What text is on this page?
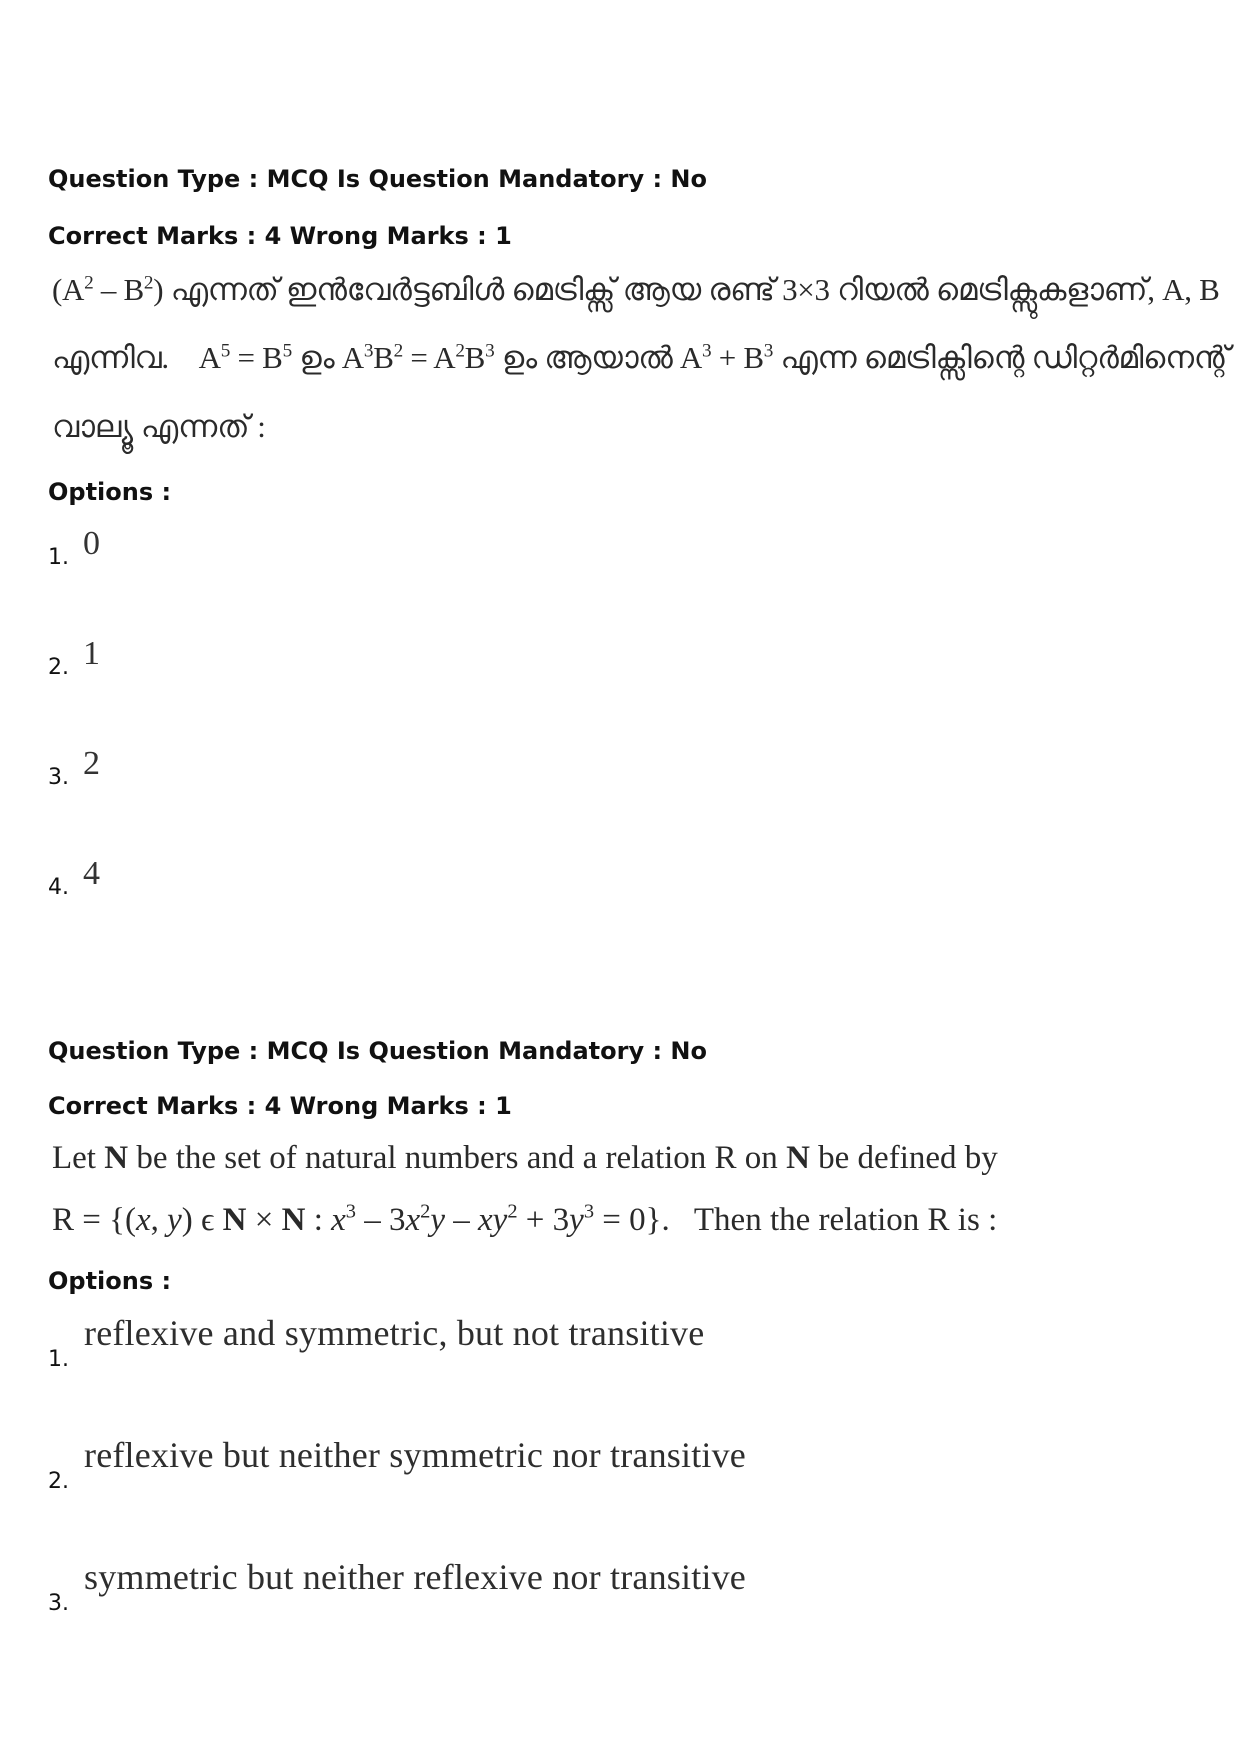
Question Type : MCQ Is Question Mandatory : No
Correct Marks : 4 Wrong Marks : 1
$(A^2 - B^2)$ എന്നത് ഇൻവേർട്ടബിൾ മെട്രിക്സ് ആയ രണ്ട് 3×3 റിയൽ മെട്രിക്സുകളാണ്, A, B
എന്നിവ.    $A^5 = B^5$ ഉം $A^3B^2 = A^2B^3$ ഉം ആയാൽ $A^3 + B^3$ എന്ന മെട്രിക്സിന്റെ ഡിറ്റർമിനെന്റ്
വാല്യൂ എന്നത് :
Options :
1. 0
2. 1
3. 2
4. 4
Question Type : MCQ Is Question Mandatory : No
Correct Marks : 4 Wrong Marks : 1
Let N be the set of natural numbers and a relation R on N be defined by
R = {(x, y) ϵ N × N : $x^3 - 3x^2y - xy^2 + 3y^3 = 0$}.   Then the relation R is :
Options :
1.
reflexive and symmetric, but not transitive
2.
reflexive but neither symmetric nor transitive
3.
symmetric but neither reflexive nor transitive
